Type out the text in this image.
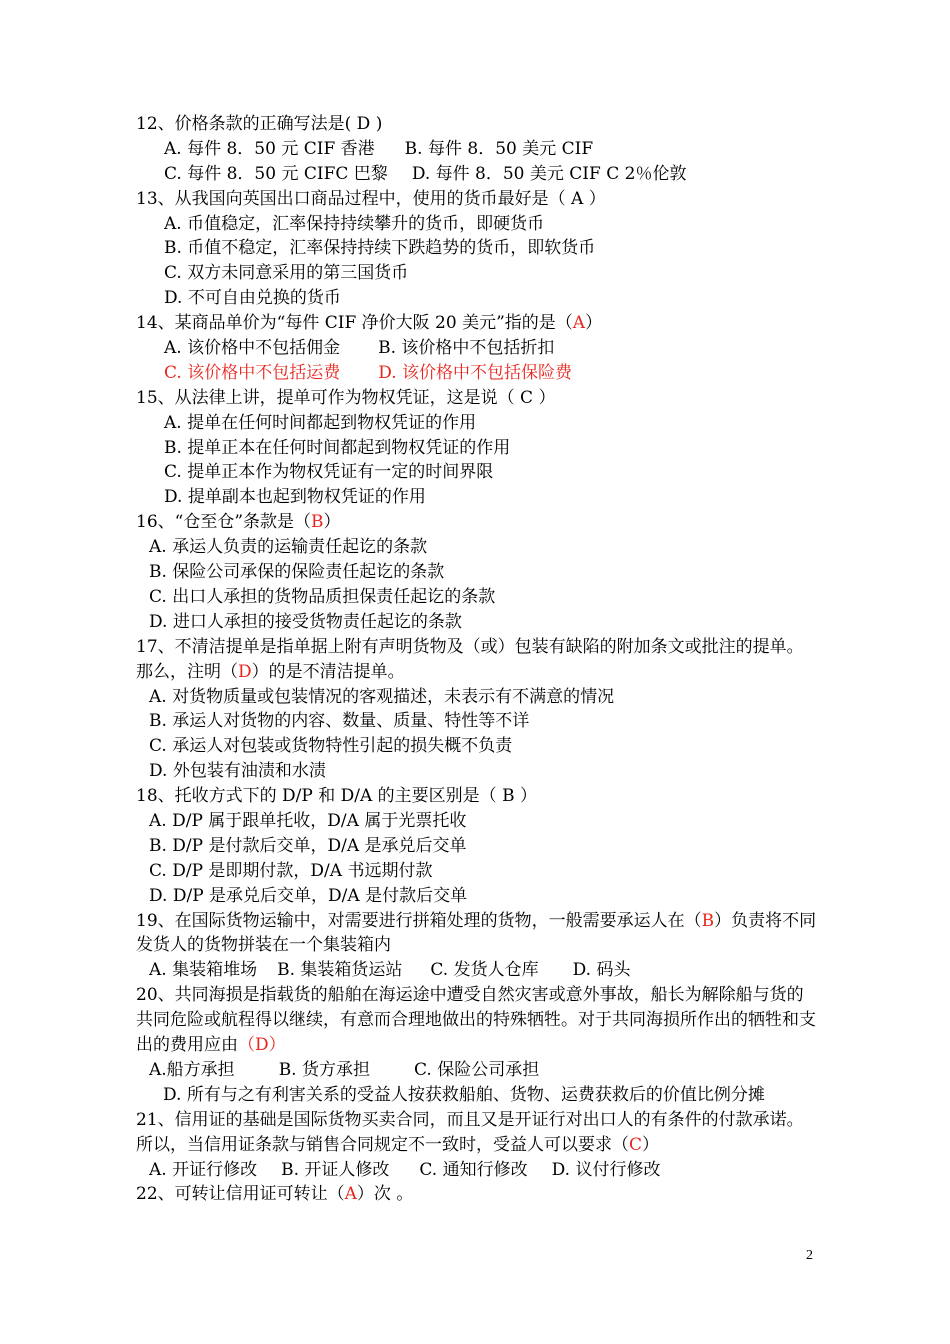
12、价格条款的正确写法是( D )
A. 每件 8．50 元 CIF 香港 B. 每件 8．50 美元 CIF
C. 每件 8．50 元 CIFC 巴黎 D. 每件 8．50 美元 CIF C 2％伦敦
13、从我国向英国出口商品过程中，使用的货币最好是（ A ）
A. 币值稳定，汇率保持持续攀升的货币，即硬货币
B. 币值不稳定，汇率保持持续下跌趋势的货币，即软货币
C. 双方未同意采用的第三国货币
D. 不可自由兑换的货币
14、某商品单价为“每件 CIF 净价大阪 20 美元”指的是（A）
A. 该价格中不包括佣金 B. 该价格中不包括折扣
C. 该价格中不包括运费 D. 该价格中不包括保险费
15、从法律上讲，提单可作为物权凭证，这是说（ C ）
A. 提单在任何时间都起到物权凭证的作用
B. 提单正本在任何时间都起到物权凭证的作用
C. 提单正本作为物权凭证有一定的时间界限
D. 提单副本也起到物权凭证的作用
16、“仓至仓”条款是（B）
A. 承运人负责的运输责任起讫的条款
B. 保险公司承保的保险责任起讫的条款
C. 出口人承担的货物品质担保责任起讫的条款
D. 进口人承担的接受货物责任起讫的条款
17、不清洁提单是指单据上附有声明货物及（或）包装有缺陷的附加条文或批注的提单。那么，注明（D）的是不清洁提单。
A. 对货物质量或包装情况的客观描述，未表示有不满意的情况
B. 承运人对货物的内容、数量、质量、特性等不详
C. 承运人对包装或货物特性引起的损失概不负责
D. 外包装有油渍和水渍
18、托收方式下的 D/P 和 D/A 的主要区别是（ B ）
A. D/P 属于跟单托收，D/A 属于光票托收
B. D/P 是付款后交单，D/A 是承兑后交单
C. D/P 是即期付款，D/A 书远期付款
D. D/P 是承兑后交单，D/A 是付款后交单
19、在国际货物运输中，对需要进行拼箱处理的货物，一般需要承运人在（B）负责将不同发货人的货物拼装在一个集装箱内
A. 集装箱堆场 B. 集装箱货运站 C. 发货人仓库 D. 码头
20、共同海损是指载货的船舶在海运途中遭受自然灾害或意外事故，船长为解除船与货的共同危险或航程得以继续，有意而合理地做出的特殊牺牲。对于共同海损所作出的牺牲和支出的费用应由（D）
A.船方承担	B. 货方承担	C. 保险公司承担
D. 所有与之有利害关系的受益人按获救船舶、货物、运费获救后的价值比例分摊
21、信用证的基础是国际货物买卖合同，而且又是开证行对出口人的有条件的付款承诺。所以，当信用证条款与销售合同规定不一致时，受益人可以要求（C）
A. 开证行修改 B. 开证人修改 C. 通知行修改 D. 议付行修改
22、可转让信用证可转让（A）次 。
2
